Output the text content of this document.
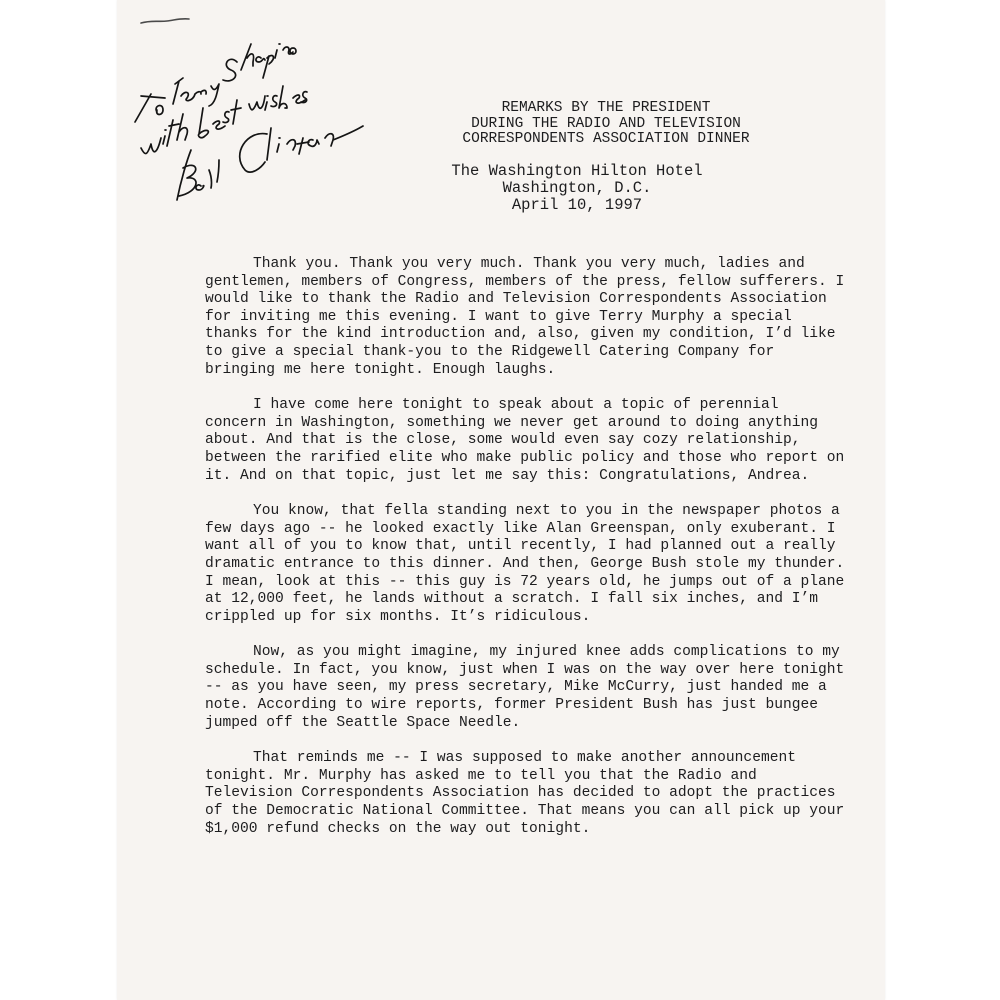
REMARKS BY THE PRESIDENT
DURING THE RADIO AND TELEVISION
CORRESPONDENTS ASSOCIATION DINNER
The Washington Hilton Hotel
Washington, D.C.
April 10, 1997

Thank you. Thank you very much. Thank you very much, ladies and gentlemen, members of Congress, members of the press, fellow sufferers. I would like to thank the Radio and Television Correspondents Association for inviting me this evening. I want to give Terry Murphy a special thanks for the kind introduction and, also, given my condition, I’d like to give a special thank-you to the Ridgewell Catering Company for bringing me here tonight. Enough laughs.

I have come here tonight to speak about a topic of perennial concern in Washington, something we never get around to doing anything about. And that is the close, some would even say cozy relationship, between the rarified elite who make public policy and those who report on it. And on that topic, just let me say this: Congratulations, Andrea.

You know, that fella standing next to you in the newspaper photos a few days ago -- he looked exactly like Alan Greenspan, only exuberant. I want all of you to know that, until recently, I had planned out a really dramatic entrance to this dinner. And then, George Bush stole my thunder. I mean, look at this -- this guy is 72 years old, he jumps out of a plane at 12,000 feet, he lands without a scratch. I fall six inches, and I’m crippled up for six months. It’s ridiculous.

Now, as you might imagine, my injured knee adds complications to my schedule. In fact, you know, just when I was on the way over here tonight -- as you have seen, my press secretary, Mike McCurry, just handed me a note. According to wire reports, former President Bush has just bungee jumped off the Seattle Space Needle.

That reminds me -- I was supposed to make another announcement tonight. Mr. Murphy has asked me to tell you that the Radio and Television Correspondents Association has decided to adopt the practices of the Democratic National Committee. That means you can all pick up your $1,000 refund checks on the way out tonight.
